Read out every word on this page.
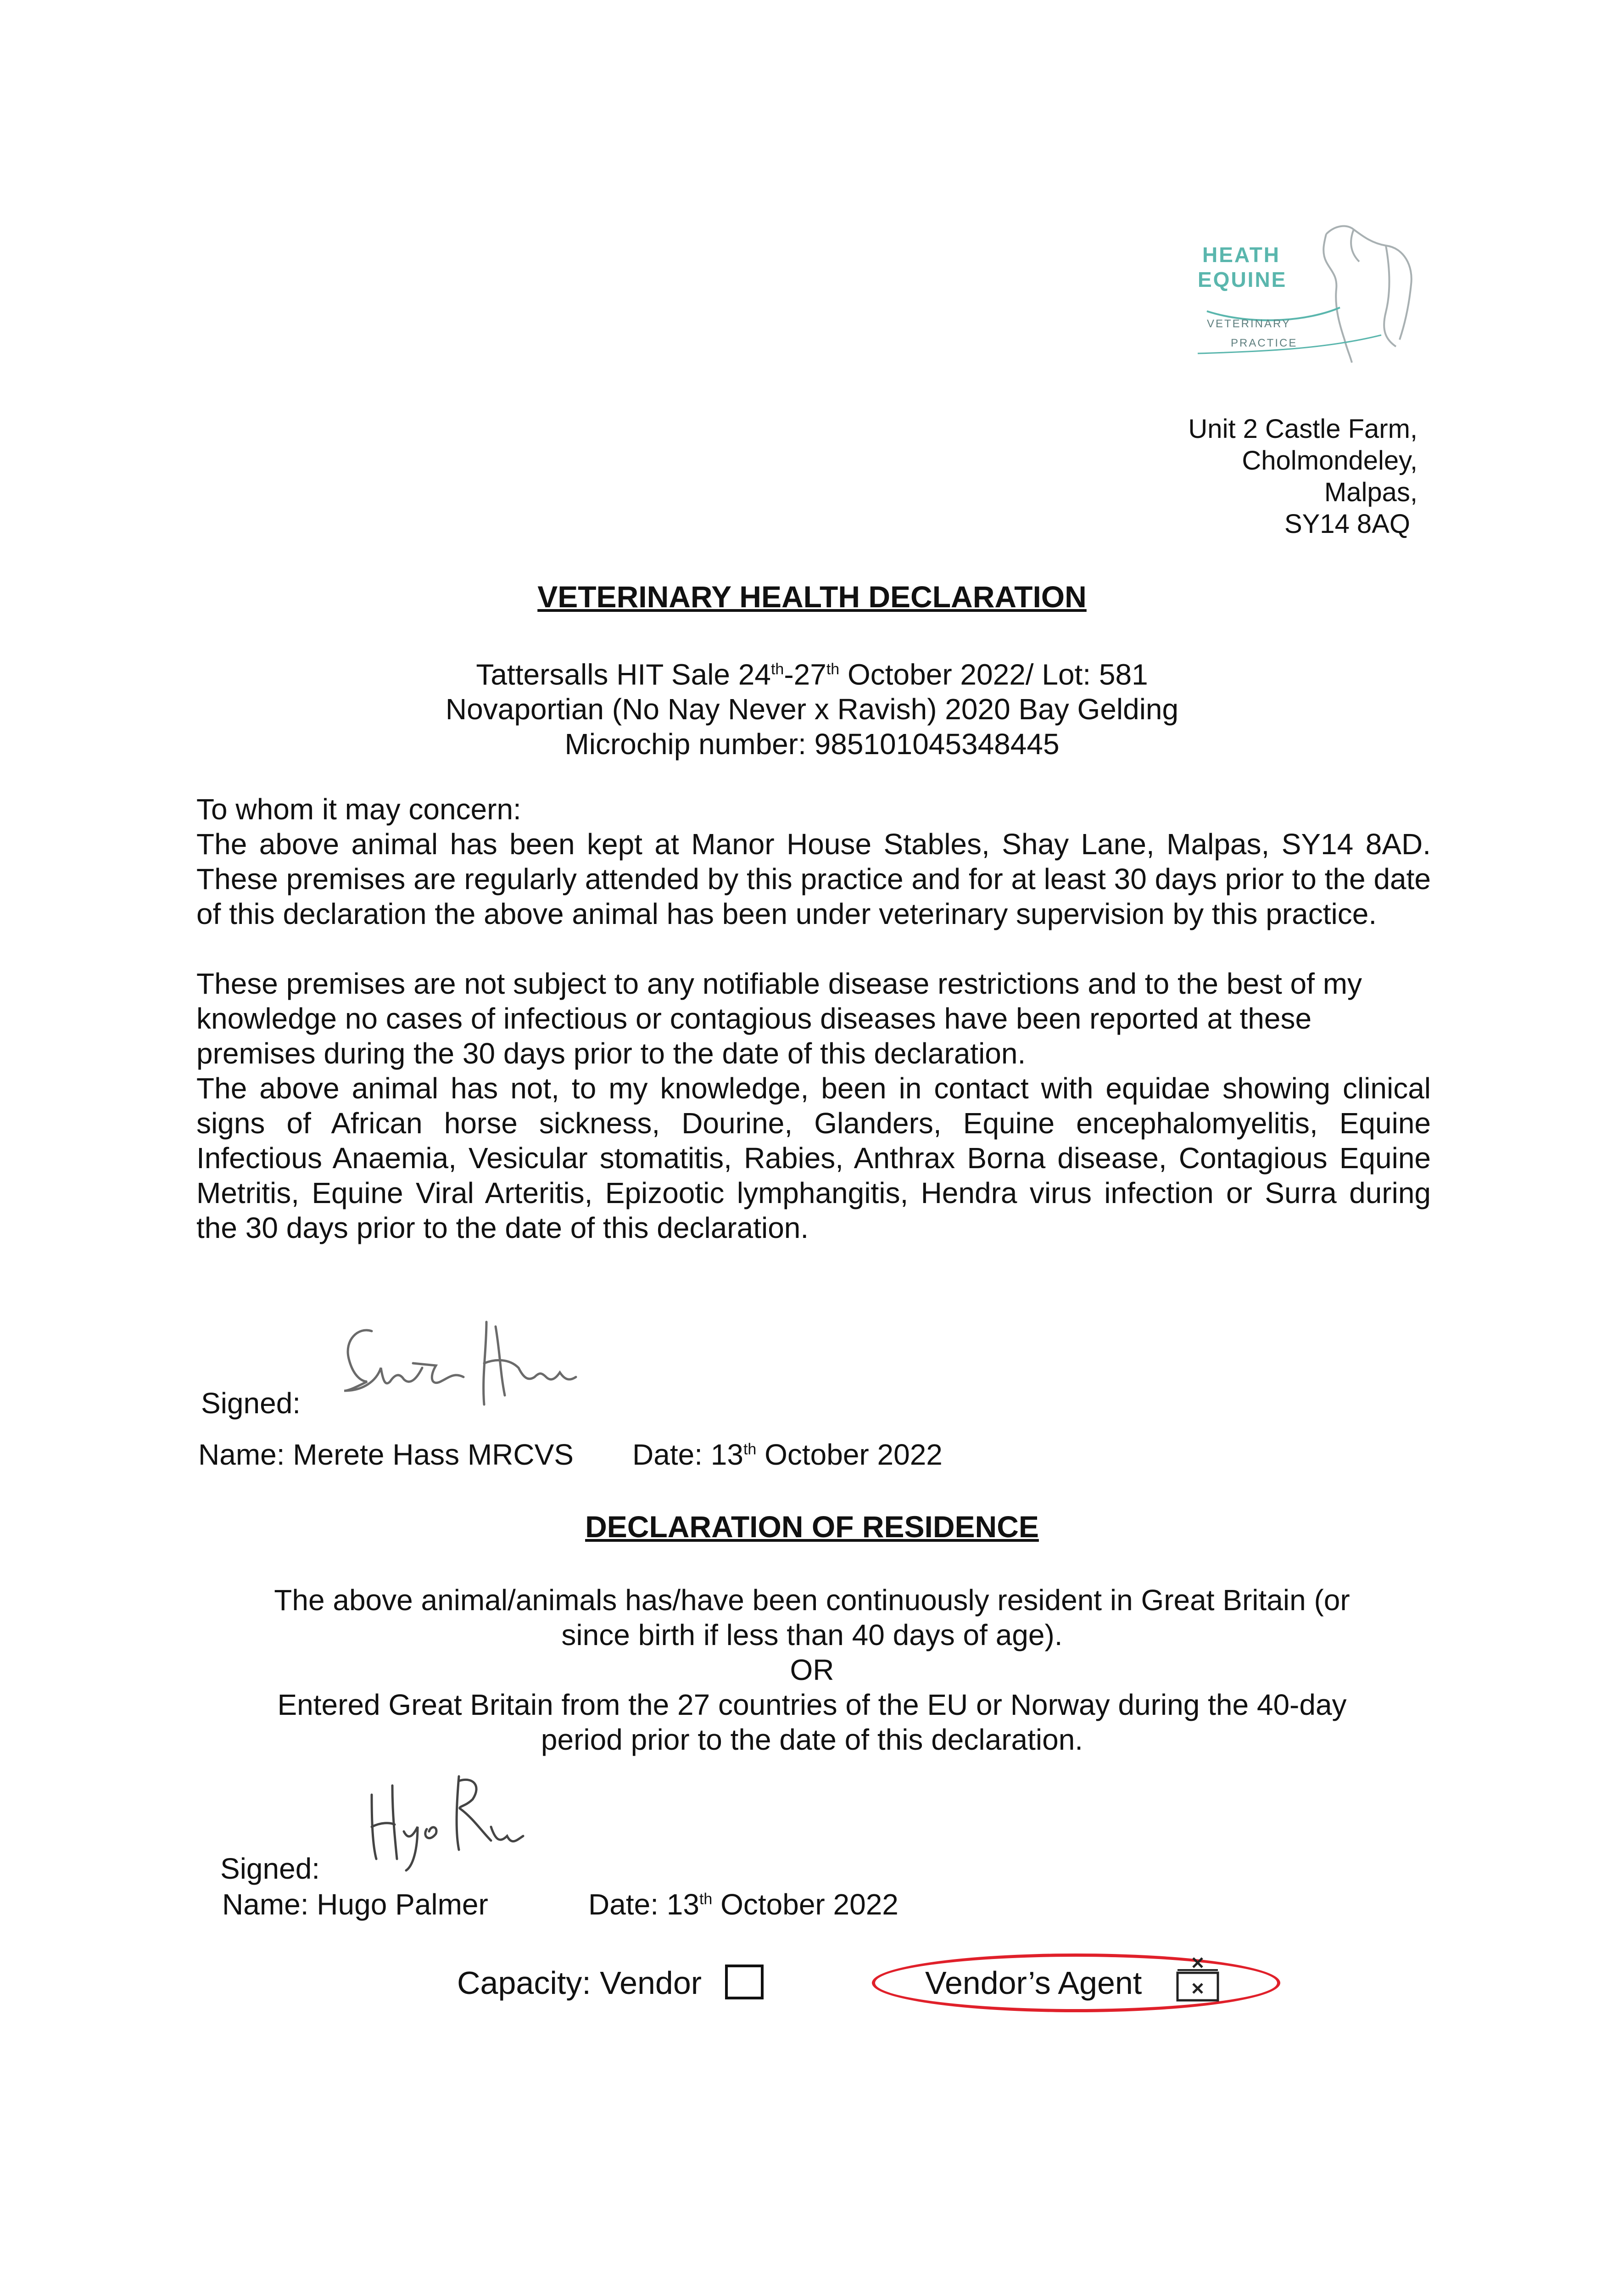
HEATH
EQUINE
VETERINARY
PRACTICE
Unit 2 Castle Farm,
Cholmondeley,
Malpas,
SY14 8AQ
VETERINARY HEALTH DECLARATION
Tattersalls HIT Sale 24th-27th October 2022/ Lot: 581
Novaportian (No Nay Never x Ravish) 2020 Bay Gelding
Microchip number: 985101045348445

To whom it may concern:

The above animal has been kept at Manor House Stables, Shay Lane, Malpas, SY14 8AD. These premises are regularly attended by this practice and for at least 30 days prior to the date of this declaration the above animal has been under veterinary supervision by this practice.

These premises are not subject to any notifiable disease restrictions and to the best of my knowledge no cases of infectious or contagious diseases have been reported at these premises during the 30 days prior to the date of this declaration.

The above animal has not, to my knowledge, been in contact with equidae showing clinical signs of African horse sickness, Dourine, Glanders, Equine encephalomyelitis, Equine Infectious Anaemia, Vesicular stomatitis, Rabies, Anthrax Borna disease, Contagious Equine Metritis, Equine Viral Arteritis, Epizootic lymphangitis, Hendra virus infection or Surra during the 30 days prior to the date of this declaration.

Signed:
Name: Merete Hass MRCVS Date: 13th October 2022
DECLARATION OF RESIDENCE
The above animal/animals has/have been continuously resident in Great Britain (or
since birth if less than 40 days of age).
OR
Entered Great Britain from the 27 countries of the EU or Norway during the 40-day
period prior to the date of this declaration.
Signed:
Name: Hugo Palmer	Date: 13th October 2022
Capacity: Vendor	Vendor’s Agent
